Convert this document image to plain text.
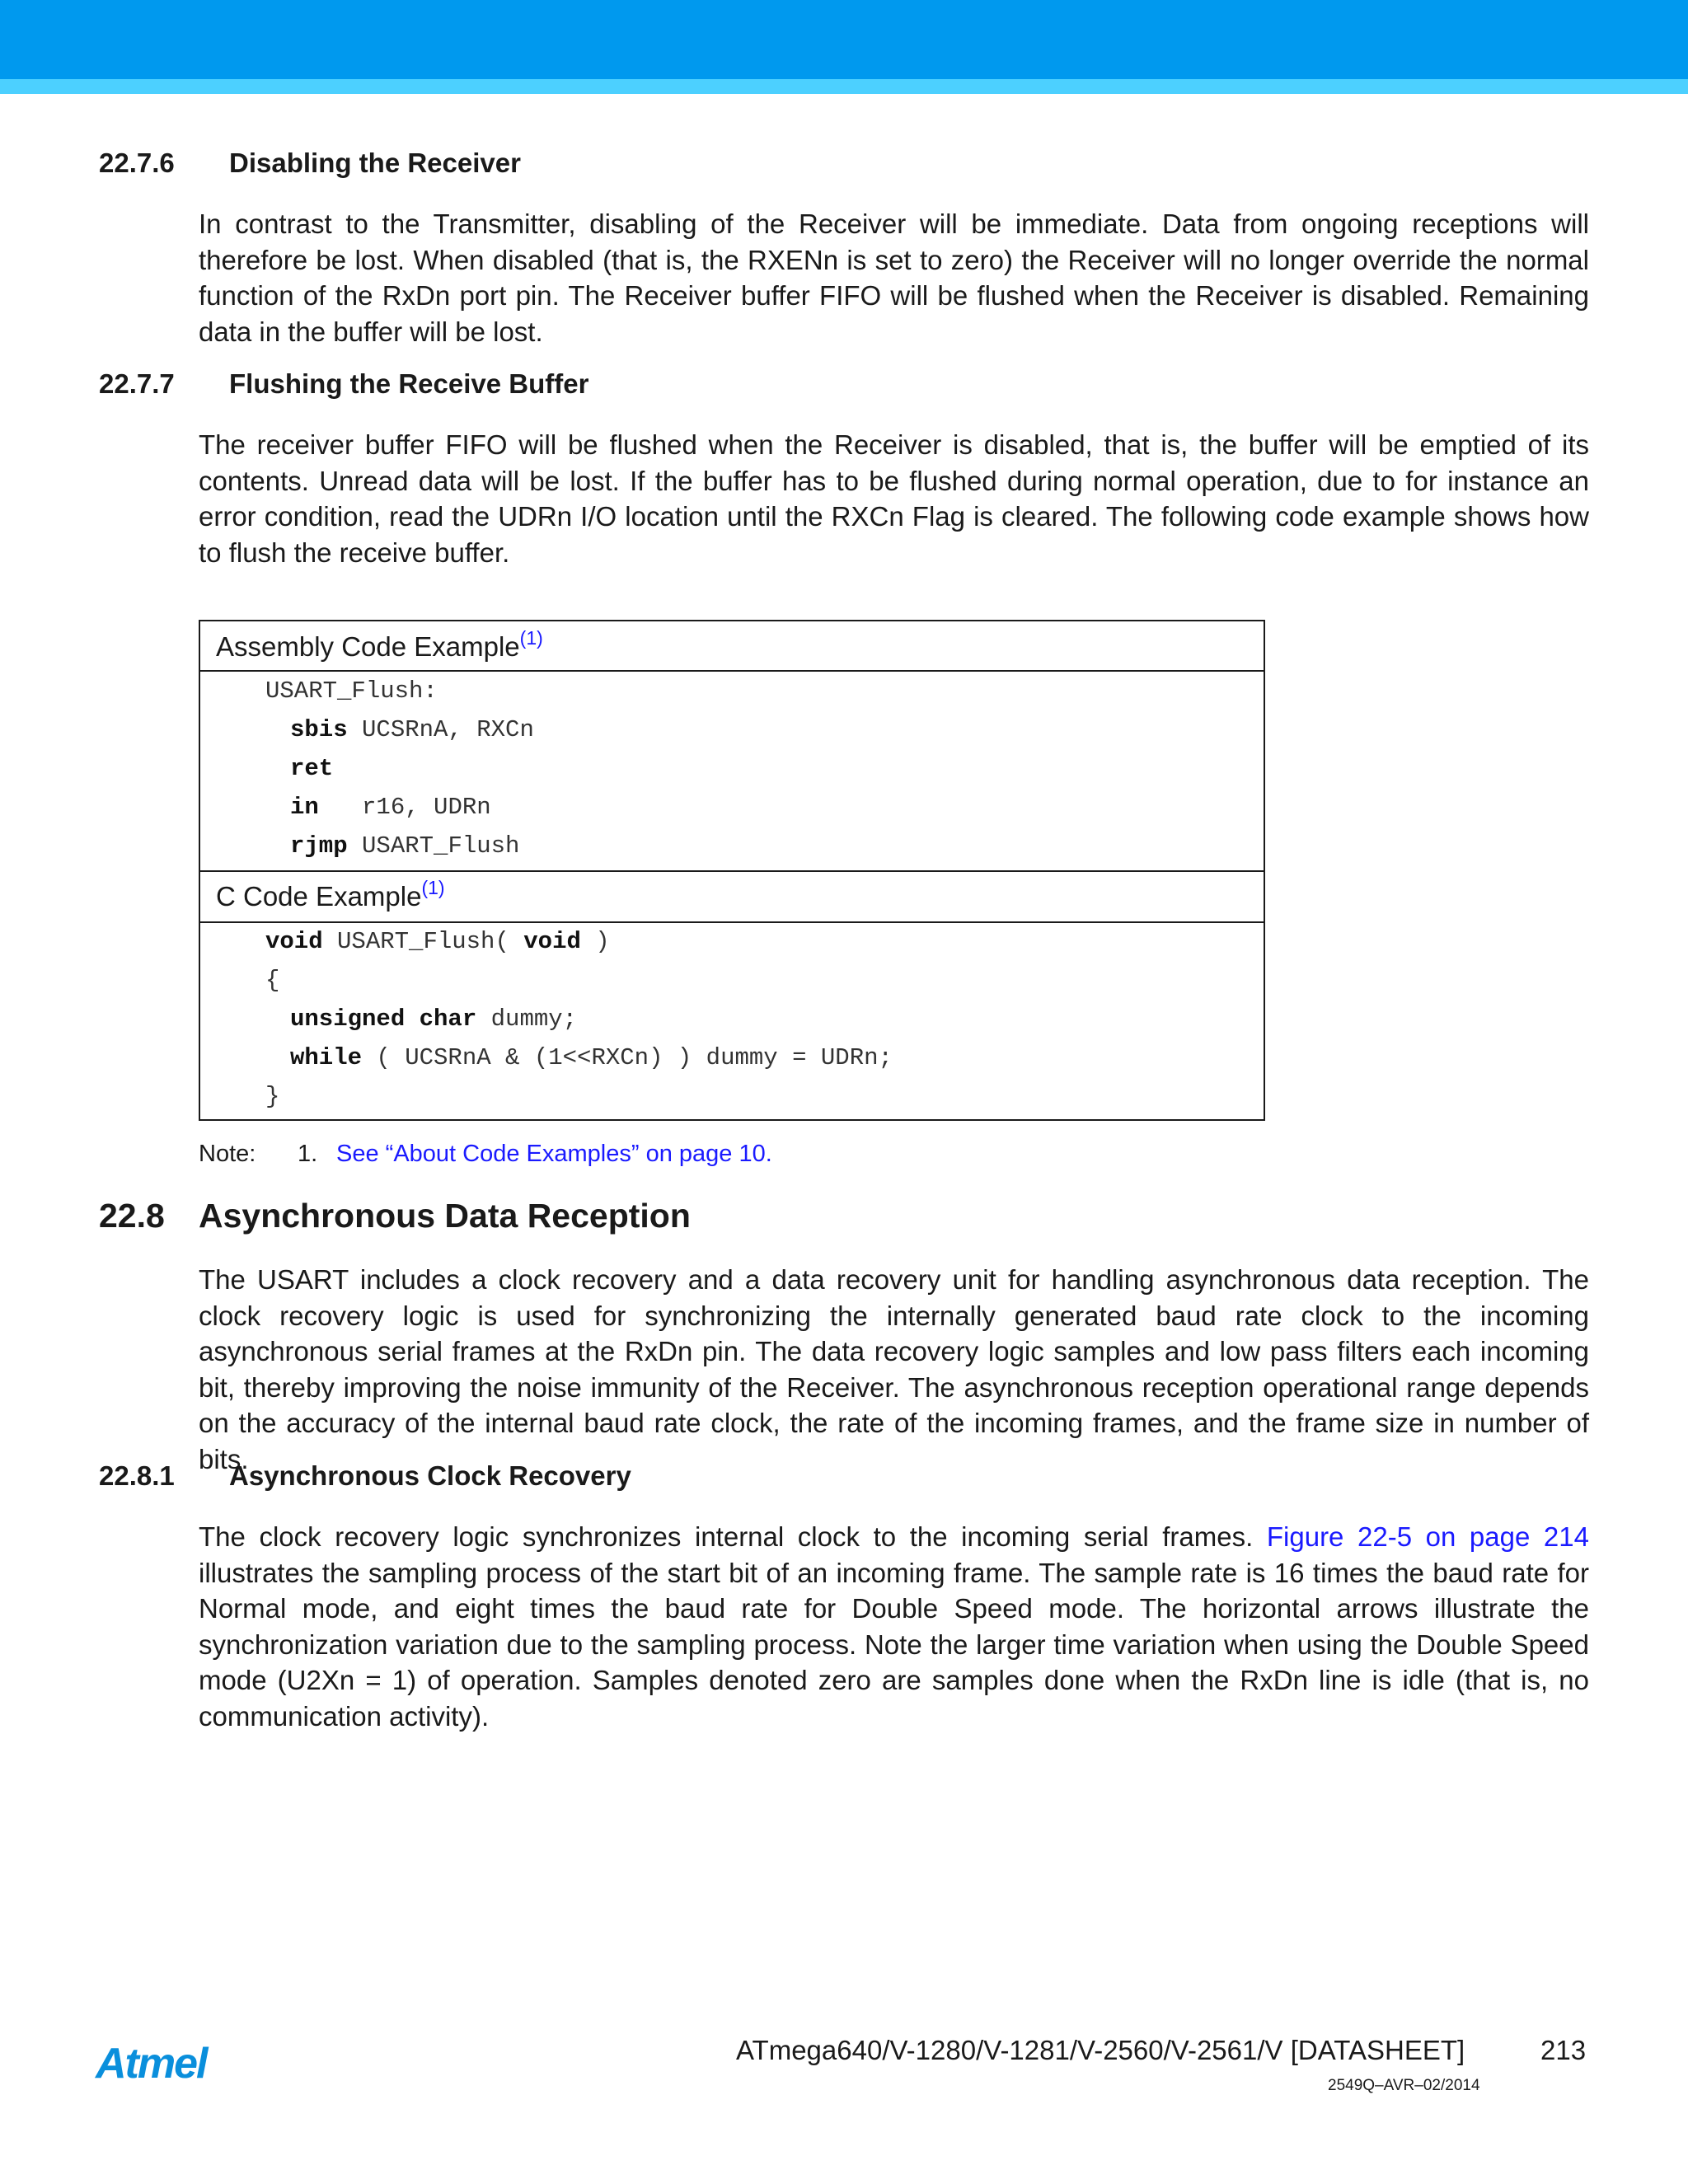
22.7.6 Disabling the Receiver

In contrast to the Transmitter, disabling of the Receiver will be immediate. Data from ongoing receptions will therefore be lost. When disabled (that is, the RXENn is set to zero) the Receiver will no longer override the normal function of the RxDn port pin. The Receiver buffer FIFO will be flushed when the Receiver is disabled. Remaining data in the buffer will be lost.

22.7.7 Flushing the Receive Buffer

The receiver buffer FIFO will be flushed when the Receiver is disabled, that is, the buffer will be emptied of its contents. Unread data will be lost. If the buffer has to be flushed during normal operation, due to for instance an error condition, read the UDRn I/O location until the RXCn Flag is cleared. The following code example shows how to flush the receive buffer.

Assembly Code Example$^{(1)}$
USART_Flush:
sbis UCSRnA, RXCn
ret
in   r16, UDRn
rjmp USART_Flush
C Code Example$^{(1)}$
void USART_Flush( void )
{
unsigned char dummy;
while ( UCSRnA & (1<<RXCn) ) dummy = UDRn;
}
Note: 1. See “About Code Examples” on page 10.
22.8 Asynchronous Data Reception

The USART includes a clock recovery and a data recovery unit for handling asynchronous data reception. The clock recovery logic is used for synchronizing the internally generated baud rate clock to the incoming asynchronous serial frames at the RxDn pin. The data recovery logic samples and low pass filters each incoming bit, thereby improving the noise immunity of the Receiver. The asynchronous reception operational range depends on the accuracy of the internal baud rate clock, the rate of the incoming frames, and the frame size in number of bits.

22.8.1 Asynchronous Clock Recovery

The clock recovery logic synchronizes internal clock to the incoming serial frames. Figure 22-5 on page 214 illustrates the sampling process of the start bit of an incoming frame. The sample rate is 16 times the baud rate for Normal mode, and eight times the baud rate for Double Speed mode. The horizontal arrows illustrate the synchronization variation due to the sampling process. Note the larger time variation when using the Double Speed mode (U2Xn = 1) of operation. Samples denoted zero are samples done when the RxDn line is idle (that is, no communication activity).

Atmel	ATmega640/V-1280/V-1281/V-2560/V-2561/V [DATASHEET]	213
2549Q–AVR–02/2014
